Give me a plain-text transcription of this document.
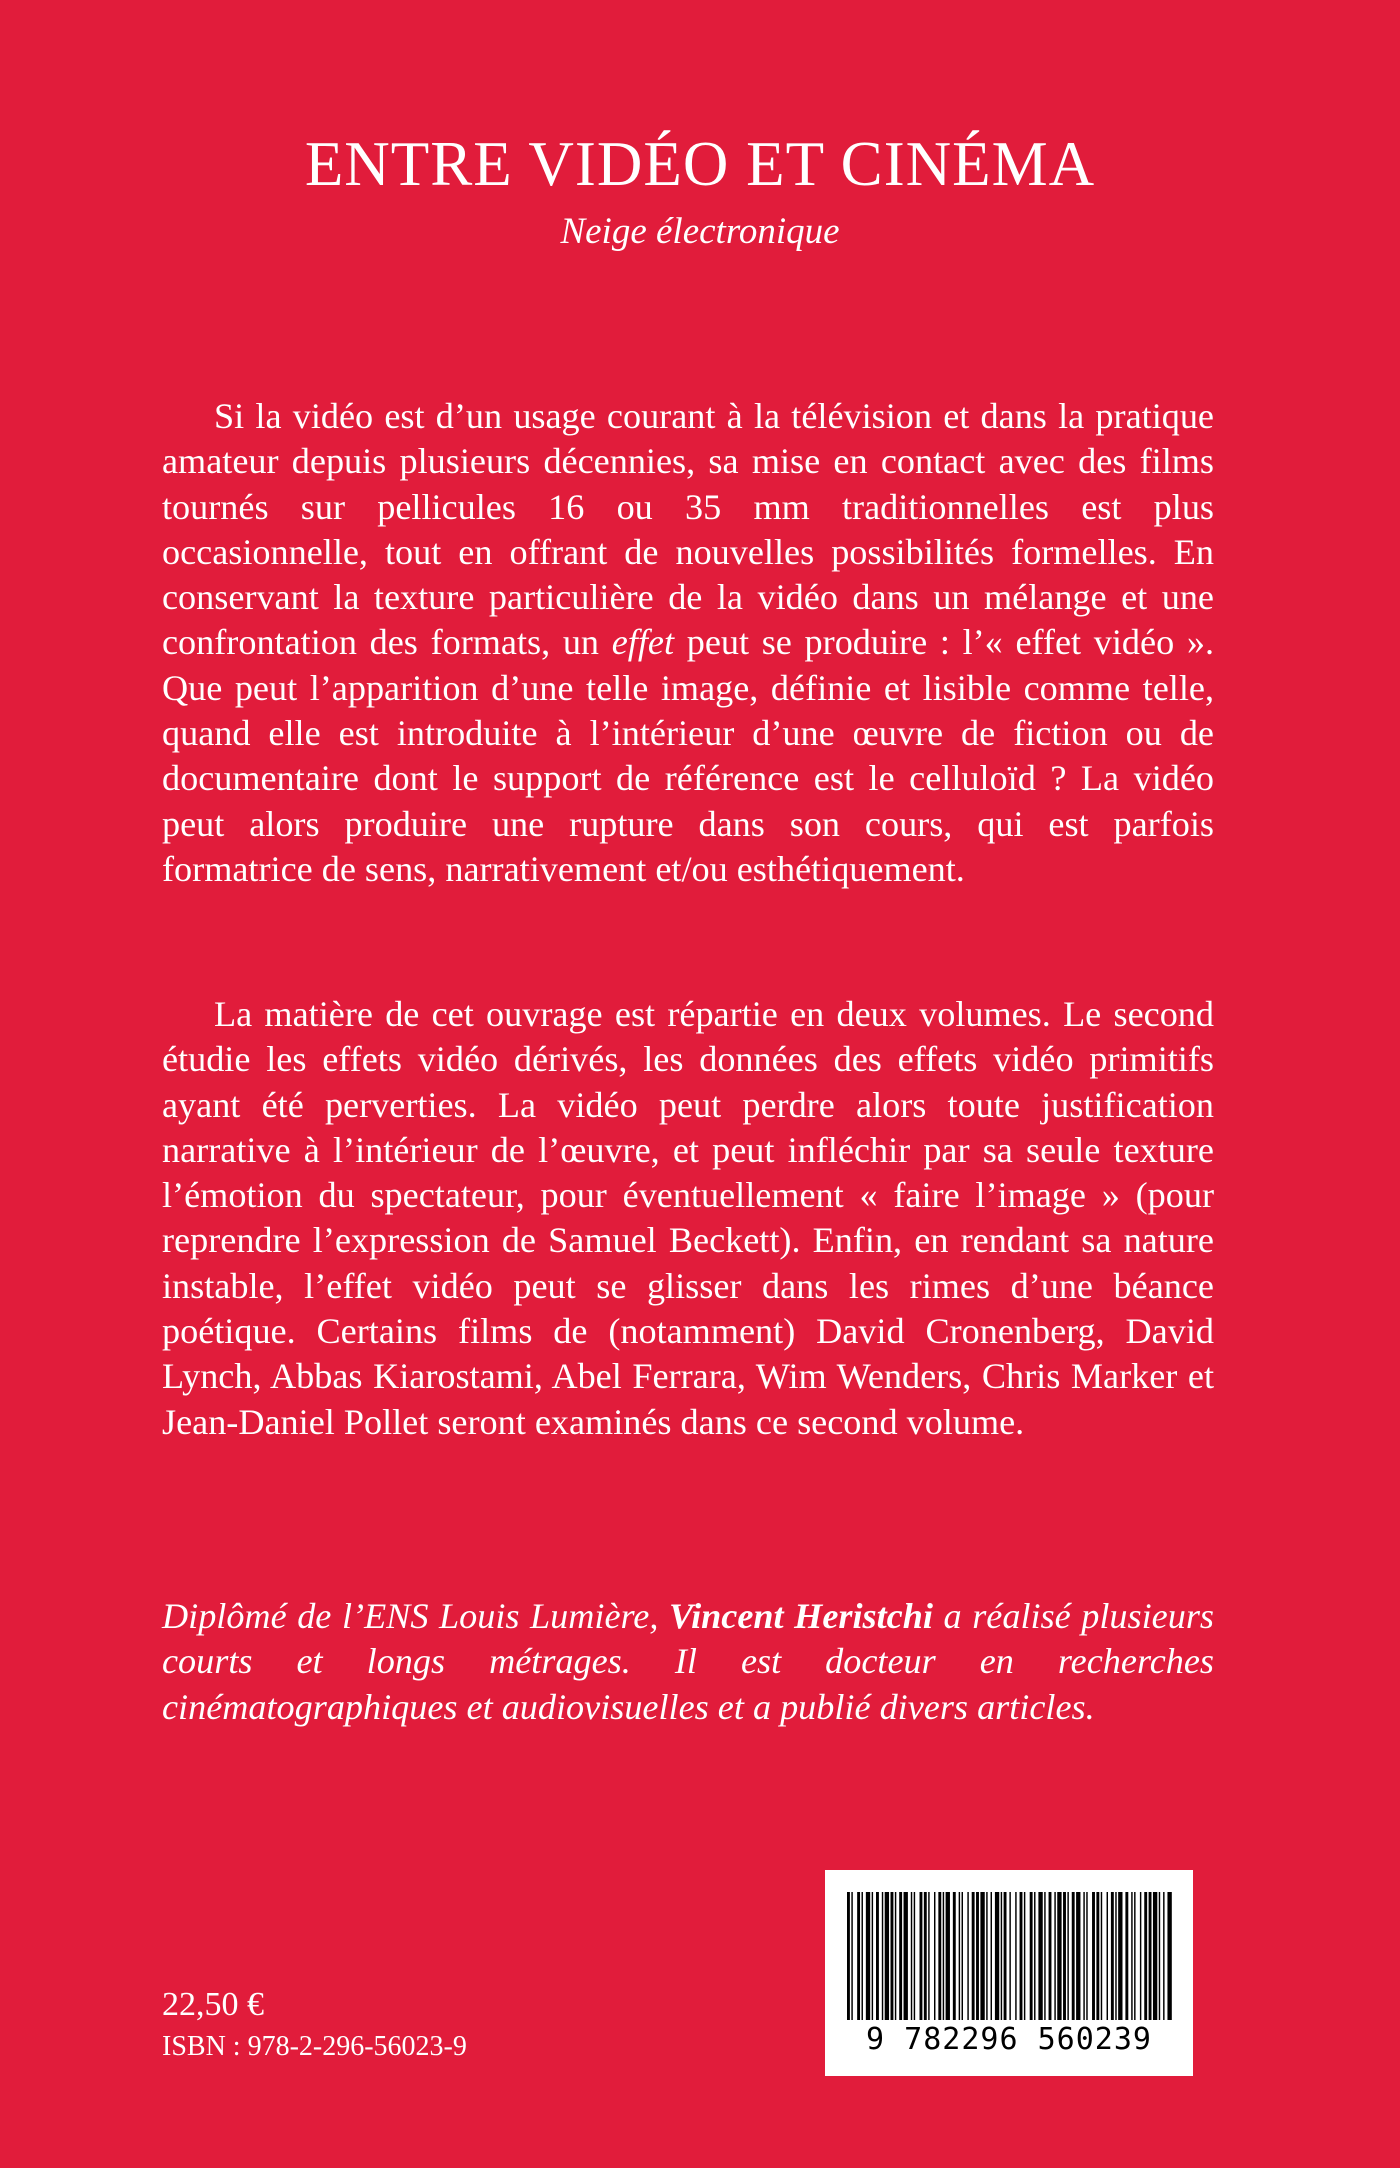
ENTRE VIDÉO ET CINÉMA
Neige électronique

Si la vidéo est d’un usage courant à la télévision et dans la pratique amateur depuis plusieurs décennies, sa mise en contact avec des films tournés sur pellicules 16 ou 35 mm traditionnelles est plus occasionnelle, tout en offrant de nouvelles possibilités formelles. En conservant la texture particulière de la vidéo dans un mélange et une confrontation des formats, un effet peut se produire : l’« effet vidéo ». Que peut l’apparition d’une telle image, définie et lisible comme telle, quand elle est introduite à l’intérieur d’une œuvre de fiction ou de documentaire dont le support de référence est le celluloïd ? La vidéo peut alors produire une rupture dans son cours, qui est parfois formatrice de sens, narrativement et/ou esthétiquement.

La matière de cet ouvrage est répartie en deux volumes. Le second étudie les effets vidéo dérivés, les données des effets vidéo primitifs ayant été perverties. La vidéo peut perdre alors toute justification narrative à l’intérieur de l’œuvre, et peut infléchir par sa seule texture l’émotion du spectateur, pour éventuellement « faire l’image » (pour reprendre l’expression de Samuel Beckett). Enfin, en rendant sa nature instable, l’effet vidéo peut se glisser dans les rimes d’une béance poétique. Certains films de (notamment) David Cronenberg, David Lynch, Abbas Kiarostami, Abel Ferrara, Wim Wenders, Chris Marker et Jean-Daniel Pollet seront examinés dans ce second volume.

Diplômé de l’ENS Louis Lumière, Vincent Heristchi a réalisé plusieurs courts et longs métrages. Il est docteur en recherches cinématographiques et audiovisuelles et a publié divers articles.

22,50 €
ISBN : 978-2-296-56023-9	9 782296 560239
